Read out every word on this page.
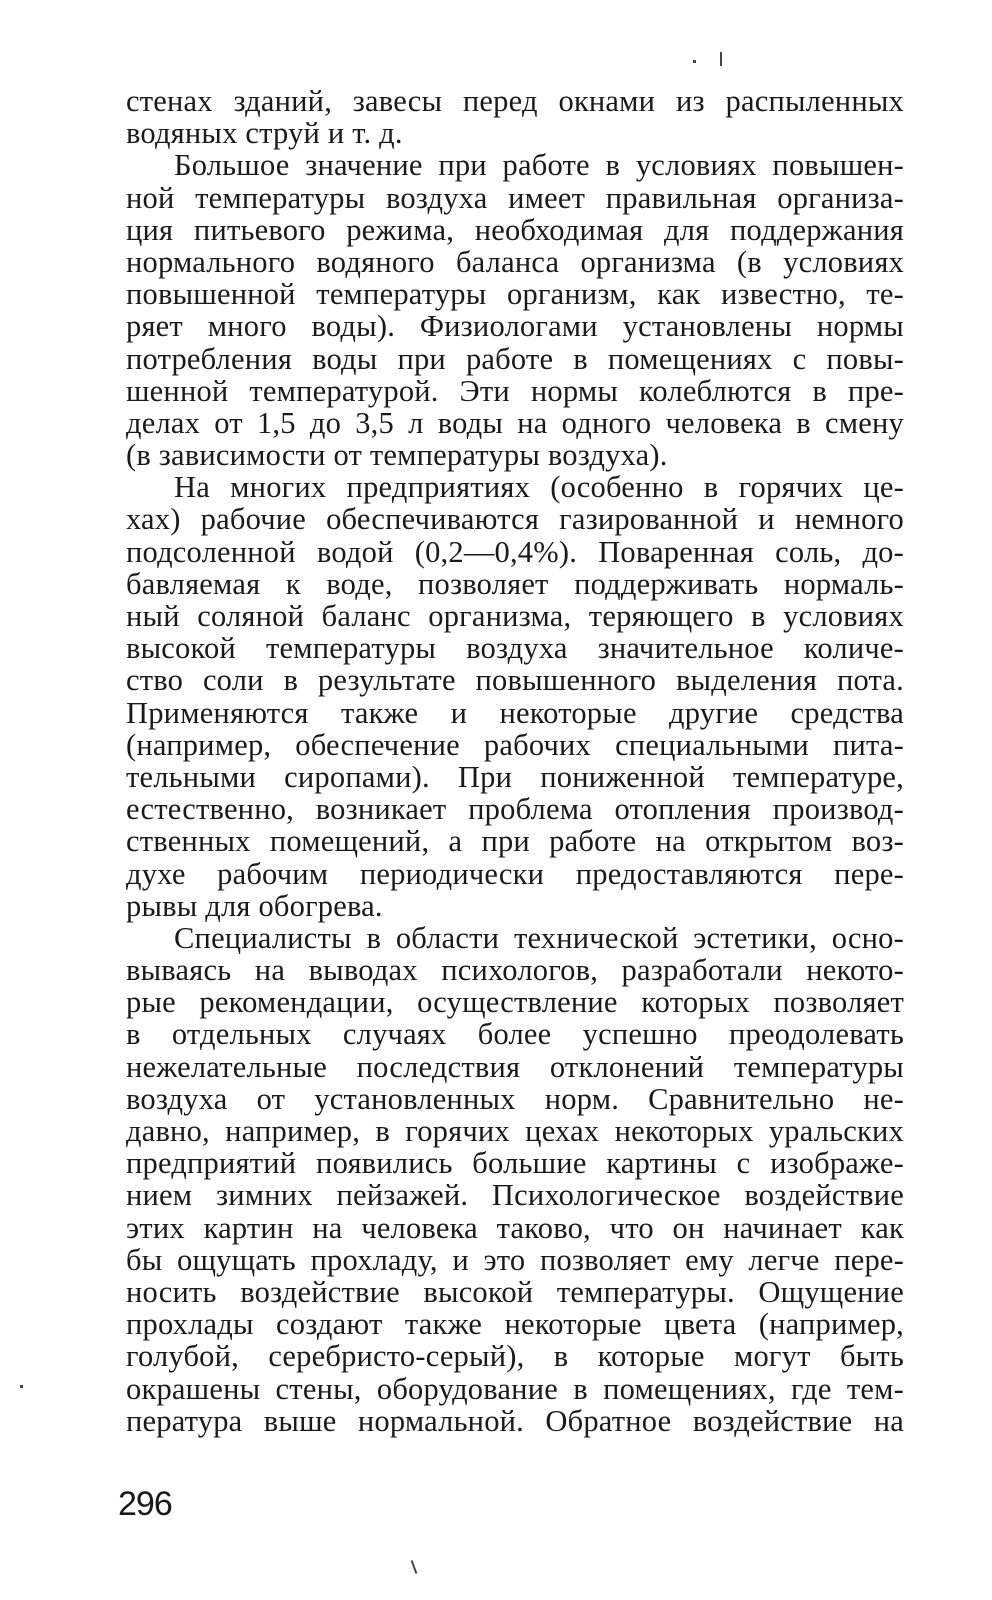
стенах зданий, завесы перед окнами из распыленных
водяных струй и т. д.
Большое значение при работе в условиях повышен-
ной температуры воздуха имеет правильная организа-
ция питьевого режима, необходимая для поддержания
нормального водяного баланса организма (в условиях
повышенной температуры организм, как известно, те-
ряет много воды). Физиологами установлены нормы
потребления воды при работе в помещениях с повы-
шенной температурой. Эти нормы колеблются в пре-
делах от 1,5 до 3,5 л воды на одного человека в смену
(в зависимости от температуры воздуха).
На многих предприятиях (особенно в горячих це-
хах) рабочие обеспечиваются газированной и немного
подсоленной водой (0,2—0,4%). Поваренная соль, до-
бавляемая к воде, позволяет поддерживать нормаль-
ный соляной баланс организма, теряющего в условиях
высокой температуры воздуха значительное количе-
ство соли в результате повышенного выделения пота.
Применяются также и некоторые другие средства
(например, обеспечение рабочих специальными пита-
тельными сиропами). При пониженной температуре,
естественно, возникает проблема отопления производ-
ственных помещений, а при работе на открытом воз-
духе рабочим периодически предоставляются пере-
рывы для обогрева.
Специалисты в области технической эстетики, осно-
вываясь на выводах психологов, разработали некото-
рые рекомендации, осуществление которых позволяет
в отдельных случаях более успешно преодолевать
нежелательные последствия отклонений температуры
воздуха от установленных норм. Сравнительно не-
давно, например, в горячих цехах некоторых уральских
предприятий появились большие картины с изображе-
нием зимних пейзажей. Психологическое воздействие
этих картин на человека таково, что он начинает как
бы ощущать прохладу, и это позволяет ему легче пере-
носить воздействие высокой температуры. Ощущение
прохлады создают также некоторые цвета (например,
голубой, серебристо-серый), в которые могут быть
окрашены стены, оборудование в помещениях, где тем-
пература выше нормальной. Обратное воздействие на
296
